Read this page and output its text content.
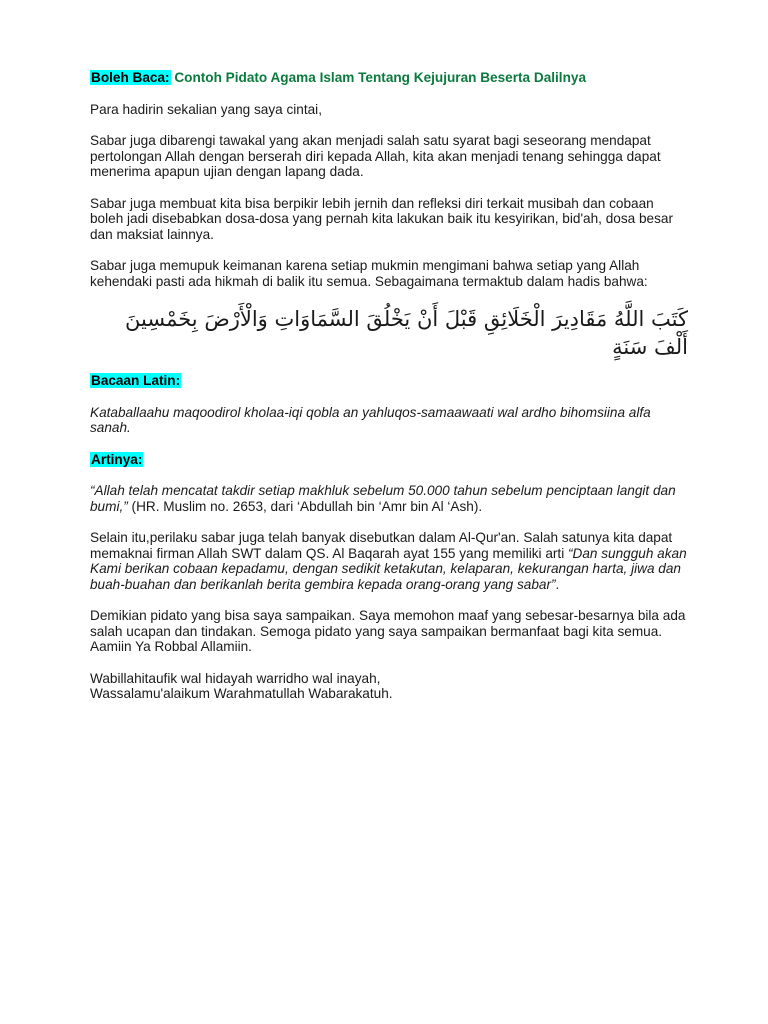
Boleh Baca: Contoh Pidato Agama Islam Tentang Kejujuran Beserta Dalilnya

Para hadirin sekalian yang saya cintai,

Sabar juga dibarengi tawakal yang akan menjadi salah satu syarat bagi seseorang mendapat pertolongan Allah dengan berserah diri kepada Allah, kita akan menjadi tenang sehingga dapat menerima apapun ujian dengan lapang dada.

Sabar juga membuat kita bisa berpikir lebih jernih dan refleksi diri terkait musibah dan cobaan boleh jadi disebabkan dosa-dosa yang pernah kita lakukan baik itu kesyirikan, bid'ah, dosa besar dan maksiat lainnya.

Sabar juga memupuk keimanan karena setiap mukmin mengimani bahwa setiap yang Allah kehendaki pasti ada hikmah di balik itu semua. Sebagaimana termaktub dalam hadis bahwa:

كَتَبَ اللَّهُ مَقَادِيرَ الْخَلَائِقِ قَبْلَ أَنْ يَخْلُقَ السَّمَاوَاتِ وَالْأَرْضَ بِخَمْسِينَ أَلْفَ سَنَةٍ

Bacaan Latin:

Kataballaahu maqoodirol kholaa-iqi qobla an yahluqos-samaawaati wal ardho bihomsiina alfa sanah.

Artinya:

“Allah telah mencatat takdir setiap makhluk sebelum 50.000 tahun sebelum penciptaan langit dan bumi,” (HR. Muslim no. 2653, dari ‘Abdullah bin ‘Amr bin Al ‘Ash).

Selain itu,perilaku sabar juga telah banyak disebutkan dalam Al-Qur'an. Salah satunya kita dapat memaknai firman Allah SWT dalam QS. Al Baqarah ayat 155 yang memiliki arti “Dan sungguh akan Kami berikan cobaan kepadamu, dengan sedikit ketakutan, kelaparan, kekurangan harta, jiwa dan buah-buahan dan berikanlah berita gembira kepada orang-orang yang sabar”.

Demikian pidato yang bisa saya sampaikan. Saya memohon maaf yang sebesar-besarnya bila ada salah ucapan dan tindakan. Semoga pidato yang saya sampaikan bermanfaat bagi kita semua. Aamiin Ya Robbal Allamiin.

Wabillahitaufik wal hidayah warridho wal inayah,
Wassalamu'alaikum Warahmatullah Wabarakatuh.
